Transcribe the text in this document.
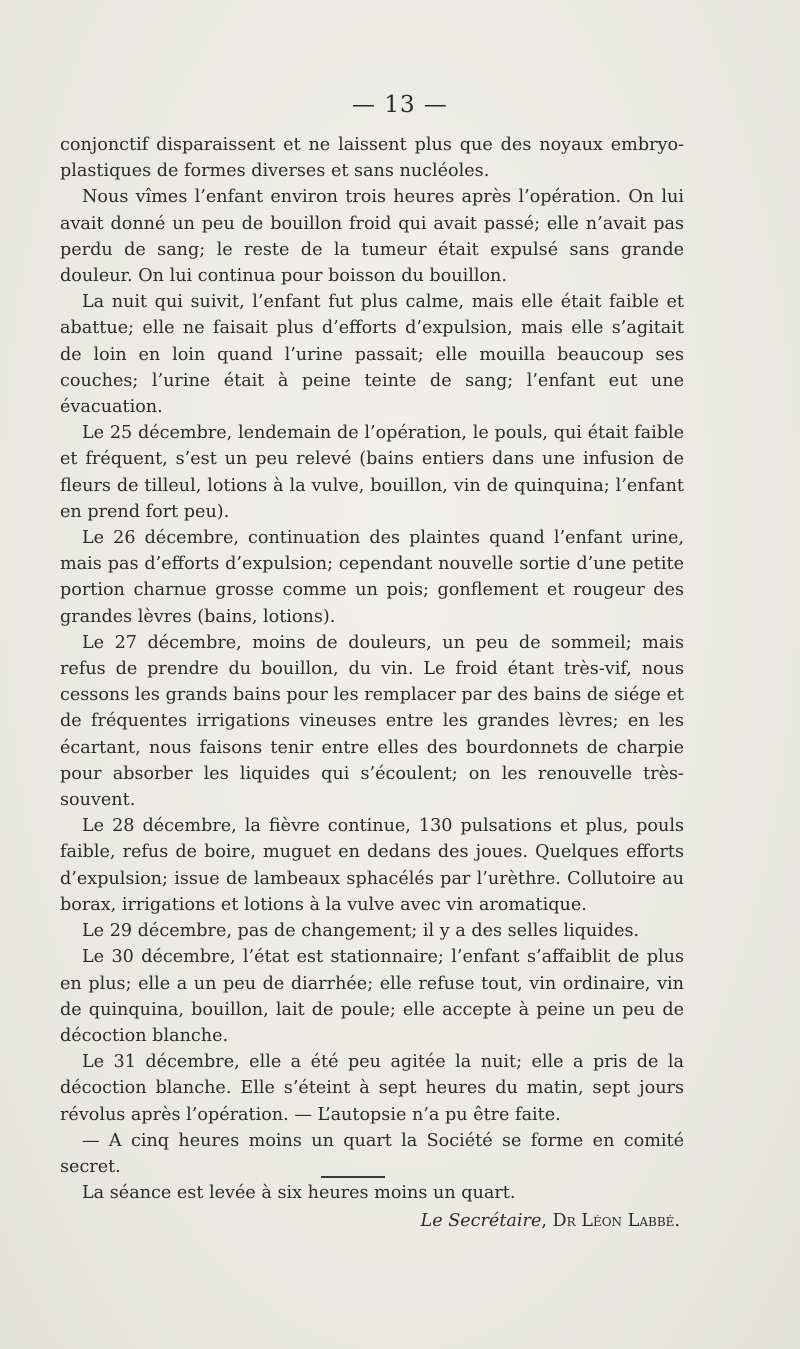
— 13 —

conjonctif disparaissent et ne laissent plus que des noyaux embryo-plastiques de formes diverses et sans nucléoles.

Nous vîmes l’enfant environ trois heures après l’opération. On lui avait donné un peu de bouillon froid qui avait passé; elle n’avait pas perdu de sang; le reste de la tumeur était expulsé sans grande douleur. On lui continua pour boisson du bouillon.

La nuit qui suivit, l’enfant fut plus calme, mais elle était faible et abattue; elle ne faisait plus d’efforts d’expulsion, mais elle s’agitait de loin en loin quand l’urine passait; elle mouilla beaucoup ses couches; l’urine était à peine teinte de sang; l’enfant eut une évacuation.

Le 25 décembre, lendemain de l’opération, le pouls, qui était faible et fréquent, s’est un peu relevé (bains entiers dans une infusion de fleurs de tilleul, lotions à la vulve, bouillon, vin de quinquina; l’enfant en prend fort peu).

Le 26 décembre, continuation des plaintes quand l’enfant urine, mais pas d’efforts d’expulsion; cependant nouvelle sortie d’une petite portion charnue grosse comme un pois; gonflement et rougeur des grandes lèvres (bains, lotions).

Le 27 décembre, moins de douleurs, un peu de sommeil; mais refus de prendre du bouillon, du vin. Le froid étant très-vif, nous cessons les grands bains pour les remplacer par des bains de siége et de fréquentes irrigations vineuses entre les grandes lèvres; en les écartant, nous faisons tenir entre elles des bourdonnets de charpie pour absorber les liquides qui s’écoulent; on les renouvelle très-souvent.

Le 28 décembre, la fièvre continue, 130 pulsations et plus, pouls faible, refus de boire, muguet en dedans des joues. Quelques efforts d’expulsion; issue de lambeaux sphacélés par l’urèthre. Collutoire au borax, irrigations et lotions à la vulve avec vin aromatique.

Le 29 décembre, pas de changement; il y a des selles liquides.

Le 30 décembre, l’état est stationnaire; l’enfant s’affaiblit de plus en plus; elle a un peu de diarrhée; elle refuse tout, vin ordinaire, vin de quinquina, bouillon, lait de poule; elle accepte à peine un peu de décoction blanche.

Le 31 décembre, elle a été peu agitée la nuit; elle a pris de la décoction blanche. Elle s’éteint à sept heures du matin, sept jours révolus après l’opération. — L’autopsie n’a pu être faite.

— A cinq heures moins un quart la Société se forme en comité secret.

La séance est levée à six heures moins un quart.

Le Secrétaire, Dr Léon Labbé.
